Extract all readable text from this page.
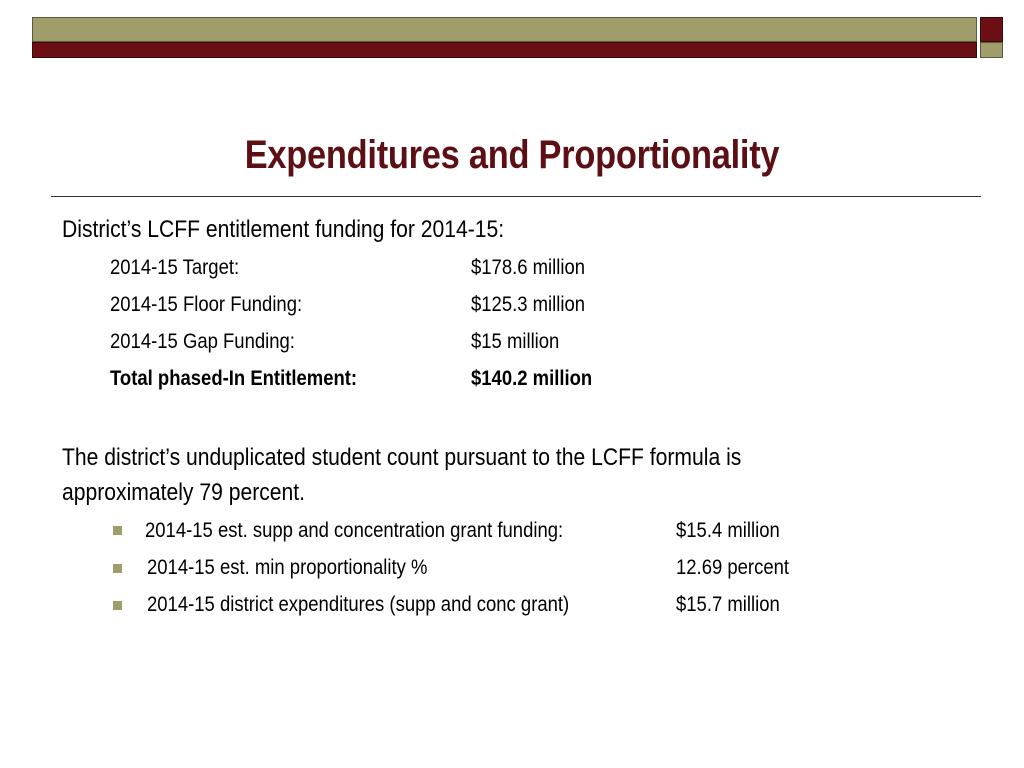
Expenditures and Proportionality
District’s LCFF entitlement funding for 2014-15:
2014-15 Target:	$178.6 million
2014-15 Floor Funding:	$125.3 million
2014-15 Gap Funding:	$15 million
Total phased-In Entitlement:	$140.2 million
The district’s unduplicated student count pursuant to the LCFF formula is approximately 79 percent.
2014-15 est. supp and concentration grant funding:	$15.4 million
2014-15 est. min proportionality %	12.69 percent
2014-15 district expenditures (supp and conc grant)	$15.7 million
